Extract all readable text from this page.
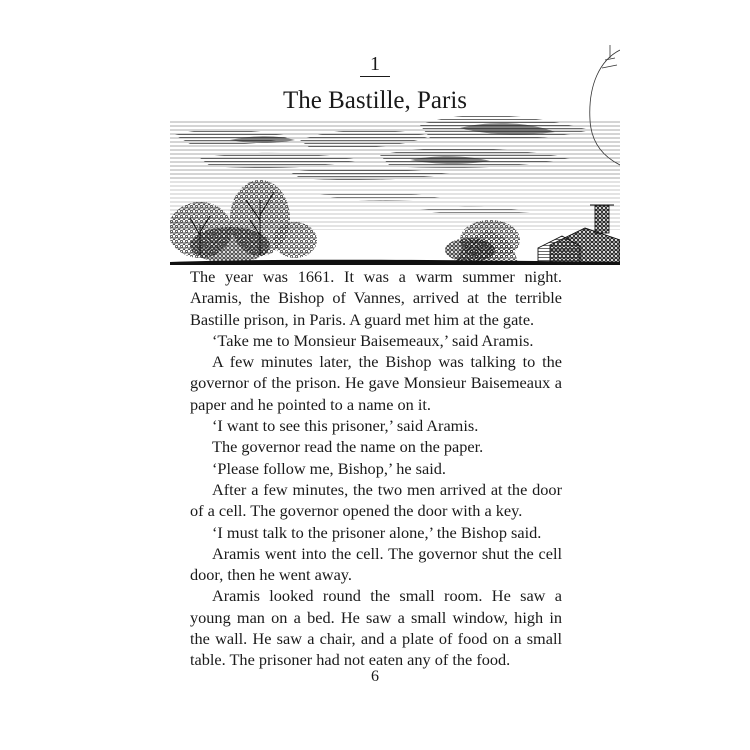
1
The Bastille, Paris

The year was 1661. It was a warm summer night. Aramis, the Bishop of Vannes, arrived at the terrible Bastille prison, in Paris. A guard met him at the gate.

‘Take me to Monsieur Baisemeaux,’ said Aramis.

A few minutes later, the Bishop was talking to the governor of the prison. He gave Monsieur Baisemeaux a paper and he pointed to a name on it.

‘I want to see this prisoner,’ said Aramis.

The governor read the name on the paper.

‘Please follow me, Bishop,’ he said.

After a few minutes, the two men arrived at the door of a cell. The governor opened the door with a key.

‘I must talk to the prisoner alone,’ the Bishop said.

Aramis went into the cell. The governor shut the cell door, then he went away.

Aramis looked round the small room. He saw a young man on a bed. He saw a small window, high in the wall. He saw a chair, and a plate of food on a small table. The prisoner had not eaten any of the food.

6
